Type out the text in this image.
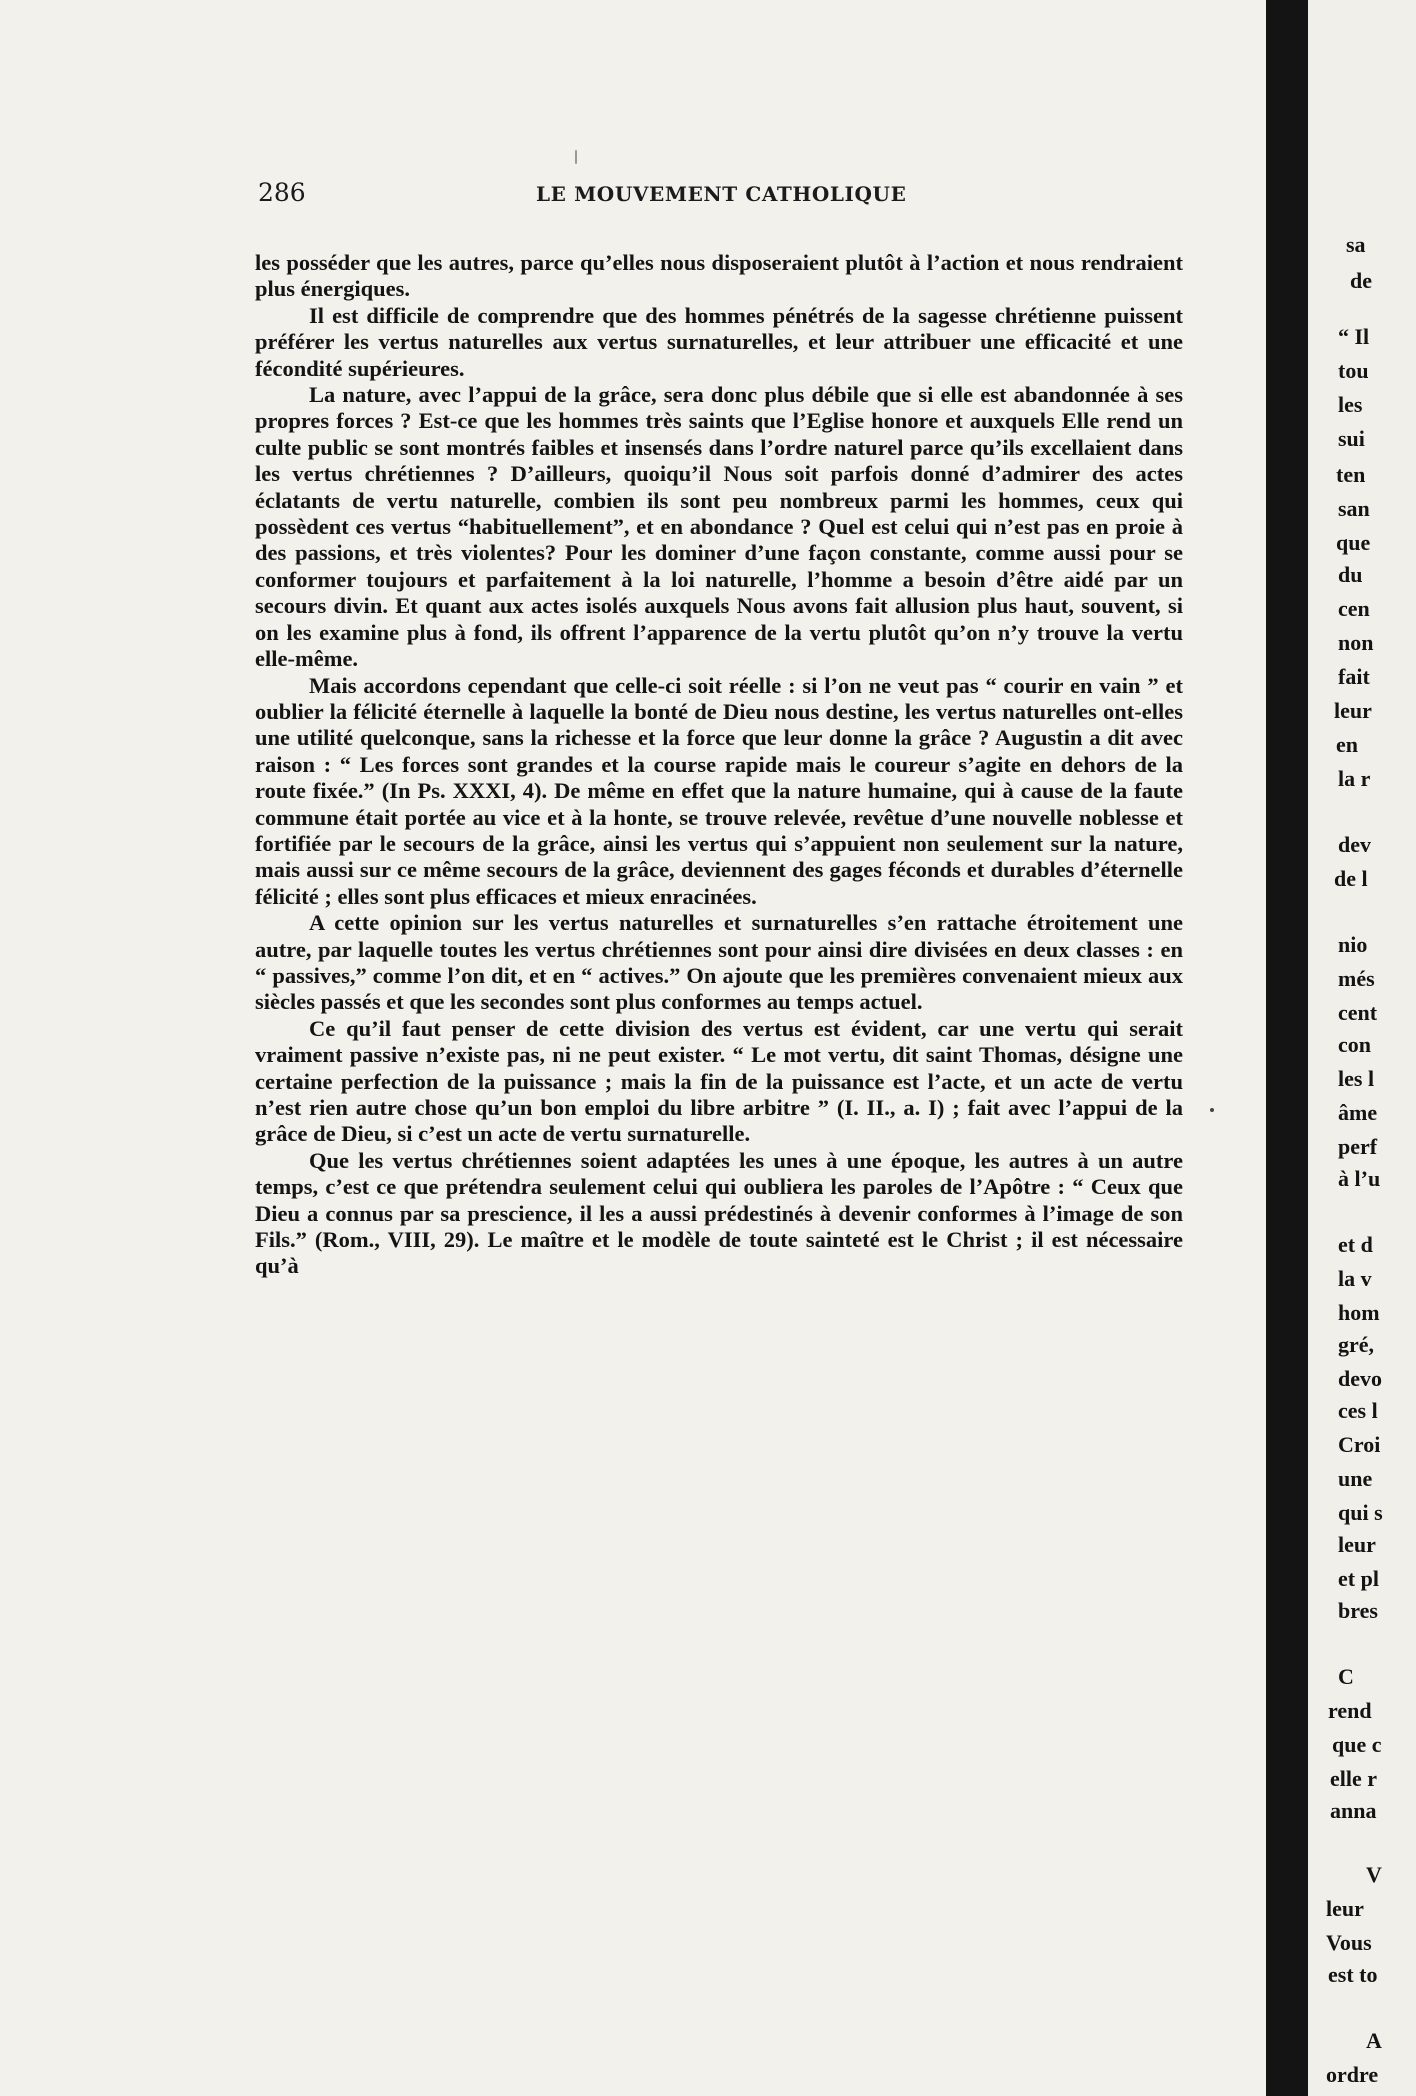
286	LE MOUVEMENT CATHOLIQUE

les posséder que les autres, parce qu’elles nous disposeraient plutôt à l’action et nous rendraient plus énergiques.

Il est difficile de comprendre que des hommes pénétrés de la sagesse chrétienne puissent préférer les vertus naturelles aux vertus surnaturelles, et leur attribuer une efficacité et une fécondité supérieures.

La nature, avec l’appui de la grâce, sera donc plus débile que si elle est abandonnée à ses propres forces ? Est-ce que les hommes très saints que l’Eglise honore et auxquels Elle rend un culte public se sont montrés faibles et insensés dans l’ordre naturel parce qu’ils excellaient dans les vertus chrétiennes ? D’ailleurs, quoiqu’il Nous soit parfois donné d’admirer des actes éclatants de vertu naturelle, combien ils sont peu nombreux parmi les hommes, ceux qui possèdent ces vertus “habituellement”, et en abondance ? Quel est celui qui n’est pas en proie à des passions, et très violentes? Pour les dominer d’une façon constante, comme aussi pour se conformer toujours et parfaitement à la loi naturelle, l’homme a besoin d’être aidé par un secours divin. Et quant aux actes isolés auxquels Nous avons fait allusion plus haut, souvent, si on les examine plus à fond, ils offrent l’apparence de la vertu plutôt qu’on n’y trouve la vertu elle-même.

Mais accordons cependant que celle-ci soit réelle : si l’on ne veut pas “ courir en vain ” et oublier la félicité éternelle à laquelle la bonté de Dieu nous destine, les vertus naturelles ont-elles une utilité quelconque, sans la richesse et la force que leur donne la grâce ? Augustin a dit avec raison : “ Les forces sont grandes et la course rapide mais le coureur s’agite en dehors de la route fixée.” (In Ps. XXXI, 4). De même en effet que la nature humaine, qui à cause de la faute commune était portée au vice et à la honte, se trouve relevée, revêtue d’une nouvelle noblesse et fortifiée par le secours de la grâce, ainsi les vertus qui s’appuient non seulement sur la nature, mais aussi sur ce même secours de la grâce, deviennent des gages féconds et durables d’éternelle félicité ; elles sont plus efficaces et mieux enracinées.

A cette opinion sur les vertus naturelles et surnaturelles s’en rattache étroitement une autre, par laquelle toutes les vertus chrétiennes sont pour ainsi dire divisées en deux classes : en “ passives,” comme l’on dit, et en “ actives.” On ajoute que les premières convenaient mieux aux siècles passés et que les secondes sont plus conformes au temps actuel.

Ce qu’il faut penser de cette division des vertus est évident, car une vertu qui serait vraiment passive n’existe pas, ni ne peut exister. “ Le mot vertu, dit saint Thomas, désigne une certaine perfection de la puissance ; mais la fin de la puissance est l’acte, et un acte de vertu n’est rien autre chose qu’un bon emploi du libre arbitre ” (I. II., a. I) ; fait avec l’appui de la grâce de Dieu, si c’est un acte de vertu surnaturelle.

Que les vertus chrétiennes soient adaptées les unes à une époque, les autres à un autre temps, c’est ce que prétendra seulement celui qui oubliera les paroles de l’Apôtre : “ Ceux que Dieu a connus par sa prescience, il les a aussi prédestinés à devenir conformes à l’image de son Fils.” (Rom., VIII, 29). Le maître et le modèle de toute sainteté est le Christ ; il est nécessaire qu’à

sa
de
“ Il
tou
les
sui
ten
san
que
du
cen
non
fait
leur
en
la r
dev
de l
nio
més
cent
con
les l
âme
perf
à l’u
et d
la v
hom
gré,
devo
ces l
Croi
une
qui s
leur
et pl
bres
C
rend
que c
elle r
anna
V
leur
Vous
est to
A
ordre
